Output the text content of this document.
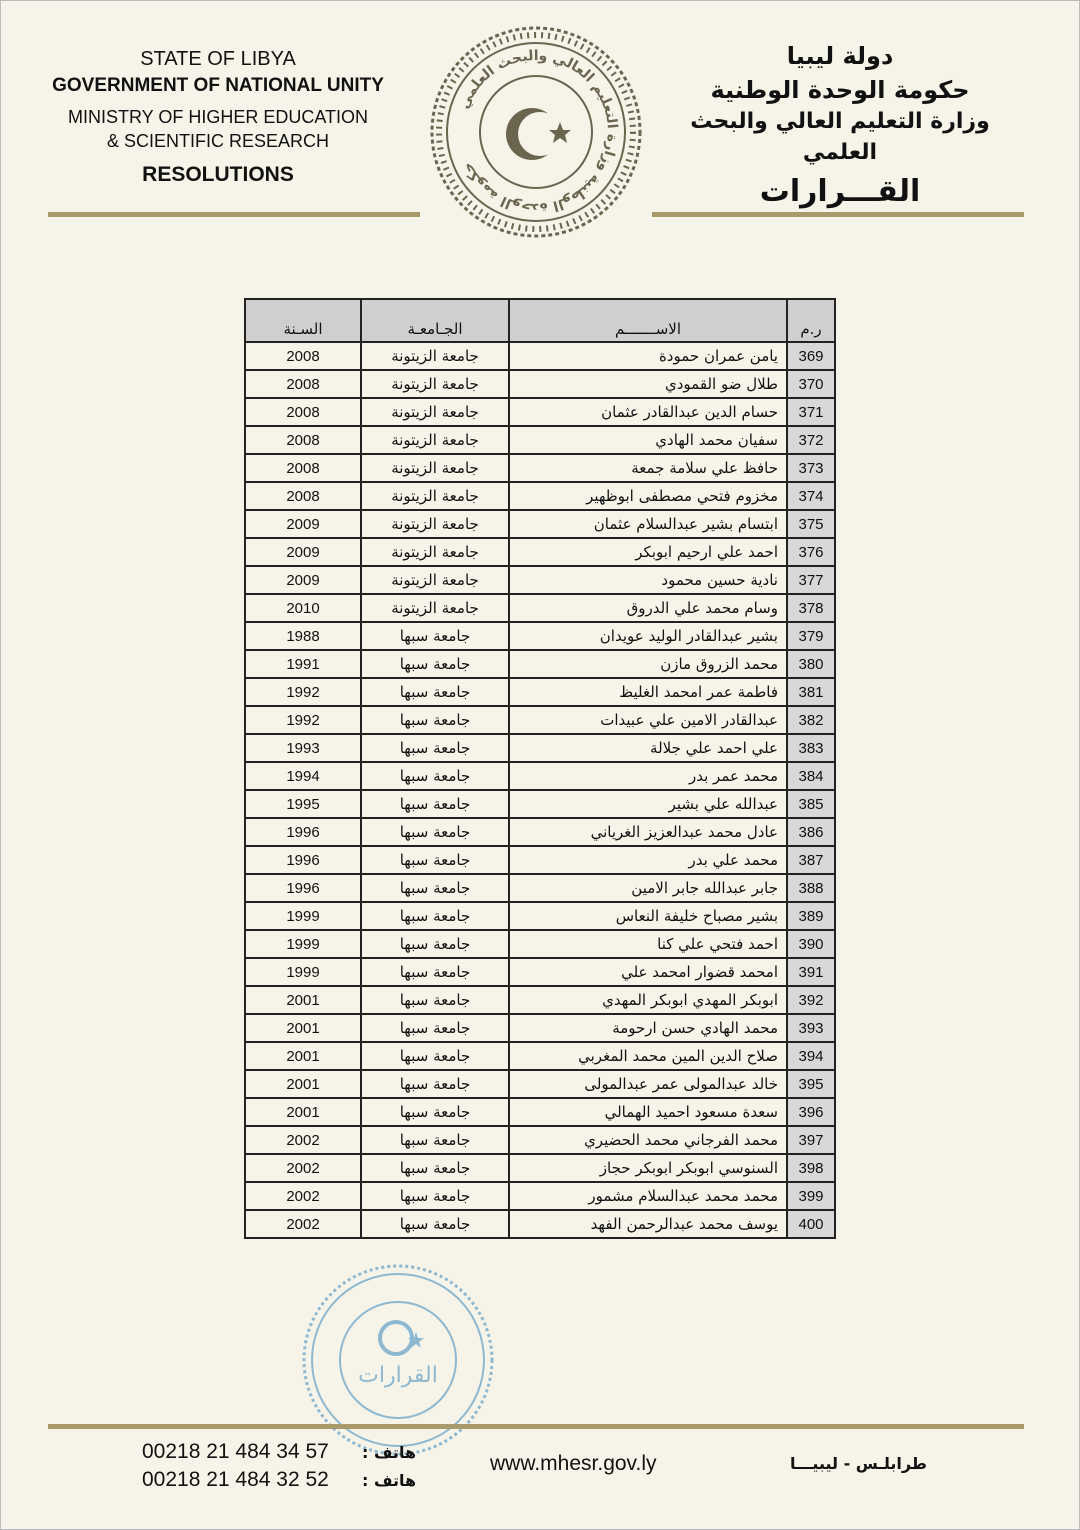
STATE OF LIBYA
GOVERNMENT OF NATIONAL UNITY
MINISTRY OF HIGHER EDUCATION
& SCIENTIFIC RESEARCH
RESOLUTIONS
دولة ليبيا
حكومة الوحدة الوطنية
وزارة التعليم العالي والبحث العلمي
القـــرارات
حكومة الوحدة الوطنية وزارة التعليم العالي والبحث العلمي
ر.م	الاســـــــم	الجـامعـة	السـنة
369	يامن عمران حمودة	جامعة الزيتونة	2008
370	طلال ضو القمودي	جامعة الزيتونة	2008
371	حسام الدين عبدالقادر عثمان	جامعة الزيتونة	2008
372	سفيان محمد الهادي	جامعة الزيتونة	2008
373	حافظ علي سلامة جمعة	جامعة الزيتونة	2008
374	مخزوم فتحي مصطفى ابوظهير	جامعة الزيتونة	2008
375	ابتسام بشير عبدالسلام عثمان	جامعة الزيتونة	2009
376	احمد علي ارحيم ابوبكر	جامعة الزيتونة	2009
377	نادية حسين محمود	جامعة الزيتونة	2009
378	وسام محمد علي الدروق	جامعة الزيتونة	2010
379	بشير عبدالقادر الوليد عويدان	جامعة سبها	1988
380	محمد الزروق مازن	جامعة سبها	1991
381	فاطمة عمر امحمد الغليظ	جامعة سبها	1992
382	عبدالقادر الامين علي عبيدات	جامعة سبها	1992
383	علي احمد علي جلالة	جامعة سبها	1993
384	محمد عمر بدر	جامعة سبها	1994
385	عبدالله علي بشير	جامعة سبها	1995
386	عادل محمد عبدالعزيز الغرياني	جامعة سبها	1996
387	محمد علي بدر	جامعة سبها	1996
388	جابر عبدالله جابر الامين	جامعة سبها	1996
389	بشير مصباح خليفة النعاس	جامعة سبها	1999
390	احمد فتحي علي كنا	جامعة سبها	1999
391	امحمد قضوار امحمد علي	جامعة سبها	1999
392	ابوبكر المهدي ابوبكر المهدي	جامعة سبها	2001
393	محمد الهادي حسن ارحومة	جامعة سبها	2001
394	صلاح الدين المين محمد المغربي	جامعة سبها	2001
395	خالد عبدالمولى عمر عبدالمولى	جامعة سبها	2001
396	سعدة مسعود احميد الهمالي	جامعة سبها	2001
397	محمد الفرجاني محمد الحضيري	جامعة سبها	2002
398	السنوسي ابوبكر ابوبكر حجاز	جامعة سبها	2002
399	محمد محمد عبدالسلام مشمور	جامعة سبها	2002
400	يوسف محمد عبدالرحمن الفهد	جامعة سبها	2002
القرارات
00218 21 484 34 57	هاتف :
00218 21 484 32 52	هاتف :
www.mhesr.gov.ly	طرابلـس - ليبيـــا
